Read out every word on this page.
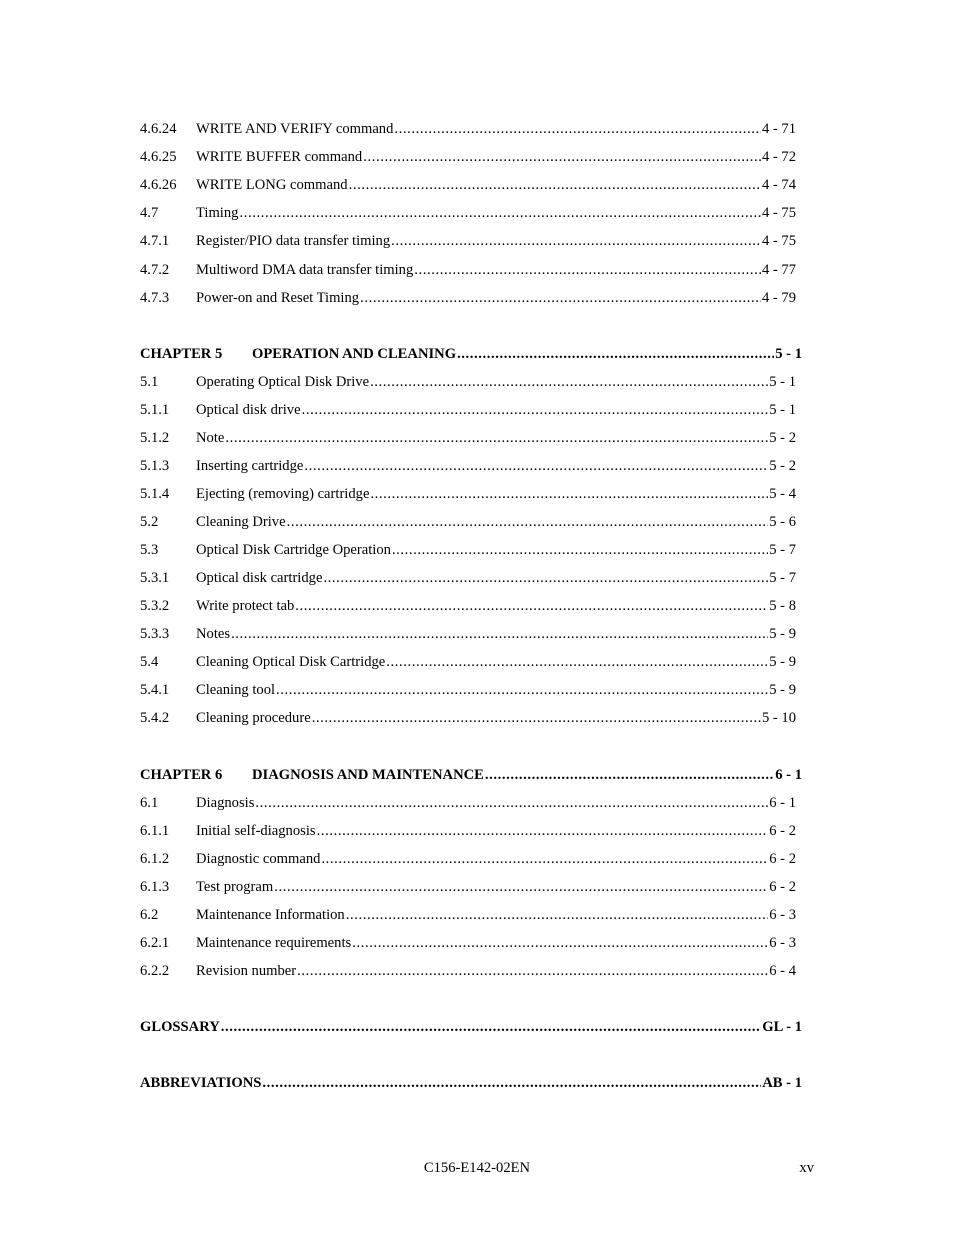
4.6.24	WRITE AND VERIFY command .....	4 - 71
4.6.25	WRITE BUFFER command .....	4 - 72
4.6.26	WRITE LONG command .....	4 - 74
4.7	Timing .....	4 - 75
4.7.1	Register/PIO data transfer timing .....	4 - 75
4.7.2	Multiword DMA data transfer timing .....	4 - 77
4.7.3	Power-on and Reset Timing .....	4 - 79
CHAPTER 5	OPERATION AND CLEANING .....	5 - 1
5.1	Operating Optical Disk Drive .....	5 - 1
5.1.1	Optical disk drive .....	5 - 1
5.1.2	Note .....	5 - 2
5.1.3	Inserting cartridge .....	5 - 2
5.1.4	Ejecting (removing) cartridge .....	5 - 4
5.2	Cleaning Drive .....	5 - 6
5.3	Optical Disk Cartridge Operation .....	5 - 7
5.3.1	Optical disk cartridge .....	5 - 7
5.3.2	Write protect tab .....	5 - 8
5.3.3	Notes .....	5 - 9
5.4	Cleaning Optical Disk Cartridge .....	5 - 9
5.4.1	Cleaning tool .....	5 - 9
5.4.2	Cleaning procedure .....	5 - 10
CHAPTER 6	DIAGNOSIS AND MAINTENANCE .....	6 - 1
6.1	Diagnosis .....	6 - 1
6.1.1	Initial self-diagnosis .....	6 - 2
6.1.2	Diagnostic command .....	6 - 2
6.1.3	Test program .....	6 - 2
6.2	Maintenance Information .....	6 - 3
6.2.1	Maintenance requirements .....	6 - 3
6.2.2	Revision number .....	6 - 4
GLOSSARY .....	GL - 1
ABBREVIATIONS .....	AB - 1
C156-E142-02EN	xv
